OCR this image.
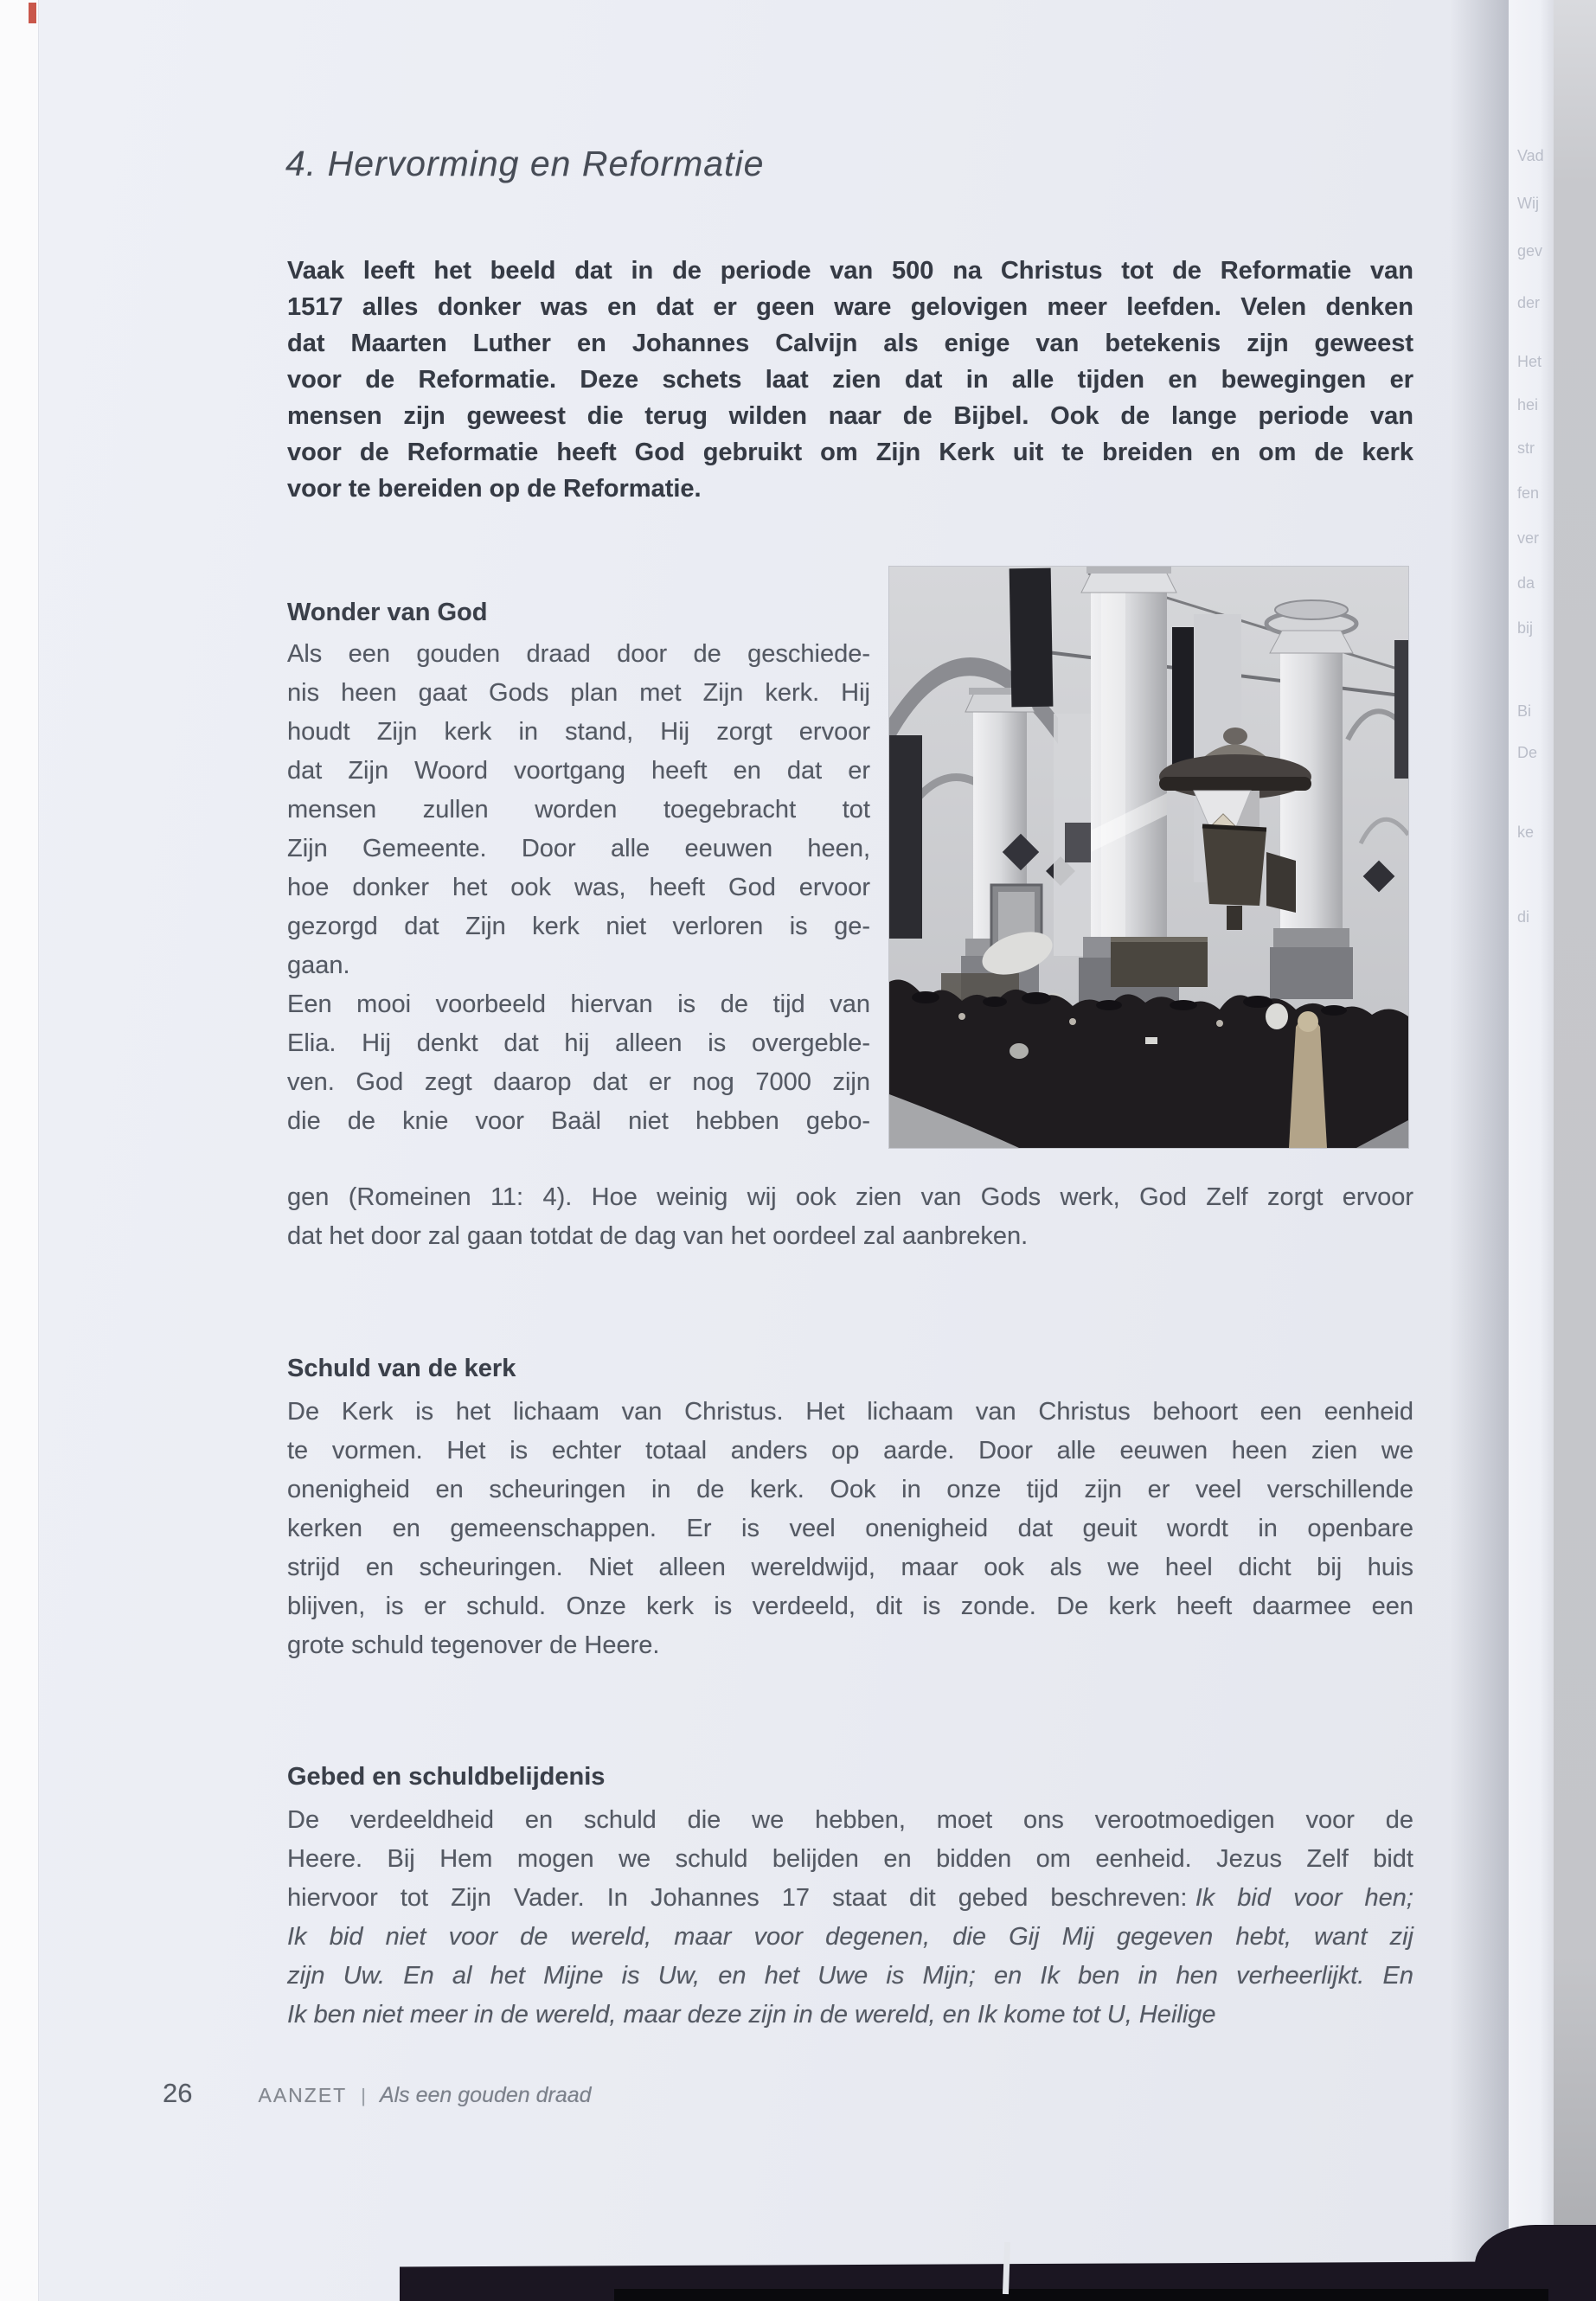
4. Hervorming en Reformatie
Vaak leeft het beeld dat in de periode van 500 na Christus tot de Reformatie van
1517 alles donker was en dat er geen ware gelovigen meer leefden. Velen denken
dat Maarten Luther en Johannes Calvijn als enige van betekenis zijn geweest
voor de Reformatie. Deze schets laat zien dat in alle tijden en bewegingen er
mensen zijn geweest die terug wilden naar de Bijbel. Ook de lange periode van
voor de Reformatie heeft God gebruikt om Zijn Kerk uit te breiden en om de kerk
voor te bereiden op de Reformatie.
Wonder van God
Als een gouden draad door de geschiede-
nis heen gaat Gods plan met Zijn kerk. Hij
houdt Zijn kerk in stand, Hij zorgt ervoor
dat Zijn Woord voortgang heeft en dat er
mensen zullen worden toegebracht tot
Zijn Gemeente. Door alle eeuwen heen,
hoe donker het ook was, heeft God ervoor
gezorgd dat Zijn kerk niet verloren is ge-
gaan.
Een mooi voorbeeld hiervan is de tijd van
Elia. Hij denkt dat hij alleen is overgeble-
ven. God zegt daarop dat er nog 7000 zijn
die de knie voor Baäl niet hebben gebo-
gen (Romeinen 11: 4). Hoe weinig wij ook zien van Gods werk, God Zelf zorgt ervoor
dat het door zal gaan totdat de dag van het oordeel zal aanbreken.
Schuld van de kerk
De Kerk is het lichaam van Christus. Het lichaam van Christus behoort een eenheid
te vormen. Het is echter totaal anders op aarde. Door alle eeuwen heen zien we
onenigheid en scheuringen in de kerk. Ook in onze tijd zijn er veel verschillende
kerken en gemeenschappen. Er is veel onenigheid dat geuit wordt in openbare
strijd en scheuringen. Niet alleen wereldwijd, maar ook als we heel dicht bij huis
blijven, is er schuld. Onze kerk is verdeeld, dit is zonde. De kerk heeft daarmee een
grote schuld tegenover de Heere.
Gebed en schuldbelijdenis
De verdeeldheid en schuld die we hebben, moet ons verootmoedigen voor de
Heere. Bij Hem mogen we schuld belijden en bidden om eenheid. Jezus Zelf bidt
hiervoor tot Zijn Vader. In Johannes 17 staat dit gebed beschreven: Ik bid voor hen;
Ik bid niet voor de wereld, maar voor degenen, die Gij Mij gegeven hebt, want zij
zijn Uw. En al het Mijne is Uw, en het Uwe is Mijn; en Ik ben in hen verheerlijkt. En
Ik ben niet meer in de wereld, maar deze zijn in de wereld, en Ik kome tot U, Heilige
26	AANZET | Als een gouden draad
Vad
Wij
gev
der
Het
hei
str
fen
ver
da
bij
Bi
De
ke
di
